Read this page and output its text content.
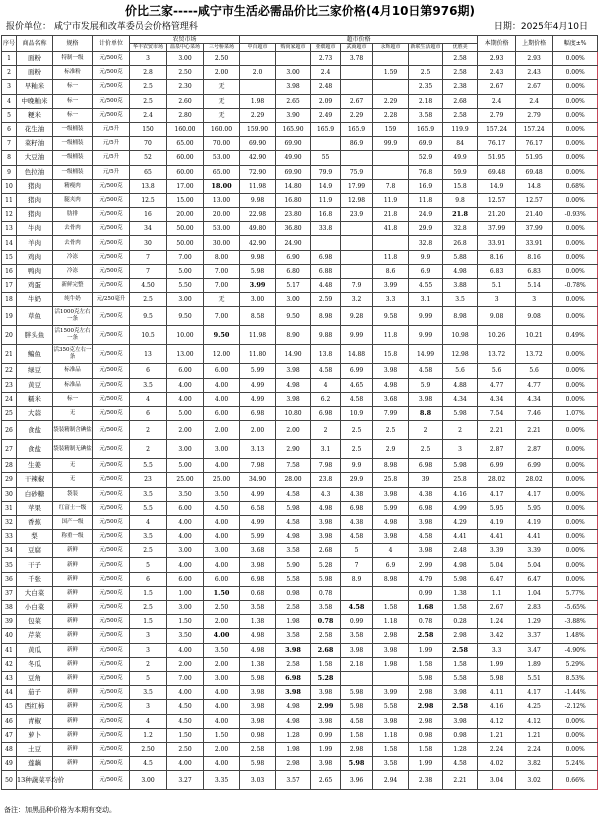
价比三家-----咸宁市生活必需品价比三家价格(4月10日第976期)
报价单位： 咸宁市发展和改革委员会价格管理科	日期：2025年4月10日
序号	商品名称	规格	计价单位	农贸市场			超市价格							本期价格	上期价格	幅度±%
				华丰农贸市场	温泉中心菜场	三号桥菜场	中百超市	购尚家超市	亚细超市	武商超市	永辉超市	新联生活超市	优胜美			
1	面粉	特制一级	元/500克	3	3.00	2.50			2.73	3.78			2.58	2.93	2.93	0.00%
2	面粉	标准粉	元/500克	2.8	2.50	2.00	2.0	3.00	2.4		1.59	2.5	2.58	2.43	2.43	0.00%
3	早籼米	标一	元/500克	2.5	2.30	无		3.98	2.48			2.35	2.38	2.67	2.67	0.00%
4	中晚籼米	标一	元/500克	2.5	2.60	无	1.98	2.65	2.09	2.67	2.29	2.18	2.68	2.4	2.4	0.00%
5	粳米	标一	元/500克	2.4	2.80	无	2.29	3.90	2.49	2.29	2.28	3.58	2.58	2.79	2.79	0.00%
6	花生油	一级桶装	元/5升	150	160.00	160.00	159.90	165.90	165.9	165.9	159	165.9	119.9	157.24	157.24	0.00%
7	菜籽油	一级桶装	元/5升	70	65.00	70.00	69.90	69.90		86.9	99.9	69.9	84	76.17	76.17	0.00%
8	大豆油	一级桶装	元/5升	52	60.00	53.00	42.90	49.90	55			52.9	49.9	51.95	51.95	0.00%
9	色拉油	一级桶装	元/5升	65	60.00	65.00	72.90	69.90	79.9	75.9		76.8	59.9	69.48	69.48	0.00%
10	猪肉	精瘦肉	元/500克	13.8	17.00	18.00	11.98	14.80	14.9	17.99	7.8	16.9	15.8	14.9	14.8	0.68%
11	猪肉	腿夹肉	元/500克	12.5	15.00	13.00	9.98	16.80	11.9	12.98	11.9	11.8	9.8	12.57	12.57	0.00%
12	猪肉	肋排	元/500克	16	20.00	20.00	22.98	23.80	16.8	23.9	21.8	24.9	21.8	21.20	21.40	-0.93%
13	牛肉	去骨肉	元/500克	34	50.00	53.00	49.80	36.80	33.8		41.8	29.9	32.8	37.99	37.99	0.00%
14	羊肉	去骨肉	元/500克	30	50.00	30.00	42.90	24.90				32.8	26.8	33.91	33.91	0.00%
15	鸡肉	冷冻	元/500克	7	7.00	8.00	9.98	6.90	6.98		11.8	9.9	5.88	8.16	8.16	0.00%
16	鸭肉	冷冻	元/500克	7	5.00	7.00	5.98	6.80	6.88		8.6	6.9	4.98	6.83	6.83	0.00%
17	鸡蛋	新鲜完整	元/500克	4.50	5.50	7.00	3.99	5.17	4.48	7.9	3.99	4.55	3.88	5.1	5.14	-0.78%
18	牛奶	纯牛奶	元/250毫升	2.5	3.00	无	3.00	3.00	2.59	3.2	3.3	3.1	3.5	3	3	0.00%
19	草鱼	活1000克左右一条	元/500克	9.5	9.50	7.00	8.58	9.50	8.98	9.28	9.58	9.99	8.98	9.08	9.08	0.00%
20	胖头鱼	活1500克左右一条	元/500克	10.5	10.00	9.50	11.98	8.90	9.88	9.99	11.8	9.99	10.98	10.26	10.21	0.49%
21	鳊鱼	活350克左右一条	元/500克	13	13.00	12.00	11.80	14.90	13.8	14.88	15.8	14.99	12.98	13.72	13.72	0.00%
22	绿豆	标准品	元/500克	6	6.00	6.00	5.99	3.98	4.58	6.99	3.98	4.58	5.6	5.6	5.6	0.00%
23	黄豆	标准品	元/500克	3.5	4.00	4.00	4.99	4.98	4	4.65	4.98	5.9	4.88	4.77	4.77	0.00%
24	糯米	标一	元/500克	4	4.00	4.00	4.99	3.98	6.2	4.58	3.68	3.98	4.34	4.34	4.34	0.00%
25	大蒜	无	元/500克	6	5.00	6.00	6.98	10.80	6.98	10.9	7.99	8.8	5.98	7.54	7.46	1.07%
26	食盐	袋装精制含碘盐	元/500克	2	2.00	2.00	2.00	2.00	2	2.5	2.5	2	2	2.21	2.21	0.00%
27	食盐	袋装精制无碘盐	元/500克	2	3.00	3.00	3.13	2.90	3.1	2.5	2.9	2.5	3	2.87	2.87	0.00%
28	生姜	无	元/500克	5.5	5.00	4.00	7.98	7.58	7.98	9.9	8.98	6.98	5.98	6.99	6.99	0.00%
29	干辣椒	无	元/500克	23	25.00	25.00	34.90	28.00	23.8	29.9	25.8	39	25.8	28.02	28.02	0.00%
30	白砂糖	袋装	元/500克	3.5	3.50	3.50	4.99	4.58	4.3	4.38	3.98	4.38	4.16	4.17	4.17	0.00%
31	苹果	红富士一级	元/500克	5.5	6.00	4.50	6.58	5.98	4.98	6.98	5.99	6.98	4.99	5.95	5.95	0.00%
32	香蕉	国产一级	元/500克	4	4.00	4.00	4.99	4.58	3.98	4.38	4.98	3.98	4.29	4.19	4.19	0.00%
33	梨	称重一级	元/500克	3.5	4.00	4.00	5.99	4.98	3.98	4.58	3.98	4.58	4.41	4.41	4.41	0.00%
34	豆腐	新鲜	元/500克	2.5	3.00	3.00	3.68	3.58	2.68	5	4	3.98	2.48	3.39	3.39	0.00%
35	干子	新鲜	元/500克	5	4.00	4.00	3.98	5.90	5.28	7	6.9	2.99	4.98	5.04	5.04	0.00%
36	千张	新鲜	元/500克	6	6.00	6.00	6.98	5.58	5.98	8.9	8.98	4.79	5.98	6.47	6.47	0.00%
37	大白菜	新鲜	元/500克	1.5	1.00	1.50	0.68	0.98	0.78			0.99	1.38	1.1	1.04	5.77%
38	小白菜	新鲜	元/500克	2.5	3.00	2.50	3.58	2.58	3.58	4.58	1.58	1.68	1.58	2.67	2.83	-5.65%
39	包菜	新鲜	元/500克	1.5	1.50	2.00	1.38	1.98	0.78	0.99	1.18	0.78	0.28	1.24	1.29	-3.88%
40	芹菜	新鲜	元/500克	3	3.50	4.00	4.98	3.58	2.58	3.58	2.98	2.58	2.98	3.42	3.37	1.48%
41	黄瓜	新鲜	元/500克	3	4.00	3.50	4.98	3.98	2.68	3.98	3.98	1.99	2.58	3.3	3.47	-4.90%
42	冬瓜	新鲜	元/500克	2	2.00	2.00	1.38	2.58	1.58	2.18	1.98	1.58	1.58	1.99	1.89	5.29%
43	豆角	新鲜	元/500克	5	7.00	3.00	5.98	6.98	5.28			5.98	5.58	5.98	5.51	8.53%
44	茄子	新鲜	元/500克	3.5	4.00	4.00	3.98	3.98	3.98	5.98	3.99	2.98	3.98	4.11	4.17	-1.44%
45	西红柿	新鲜	元/500克	3	4.50	4.00	3.98	4.98	2.99	5.98	5.58	2.98	2.58	4.16	4.25	-2.12%
46	青椒	新鲜	元/500克	4	4.50	4.00	3.98	4.98	3.98	4.58	3.98	2.98	3.98	4.12	4.12	0.00%
47	萝卜	新鲜	元/500克	1.2	1.50	1.50	0.98	1.28	0.99	1.58	1.18	0.98	0.98	1.21	1.21	0.00%
48	土豆	新鲜	元/500克	2.50	2.50	2.00	2.58	1.98	1.99	2.98	1.58	1.58	1.28	2.24	2.24	0.00%
49	莲藕	新鲜	元/500克	4.5	4.00	4.00	5.98	2.98	3.98	5.98	3.58	1.99	4.58	4.02	3.82	5.24%
50	13种蔬菜平均价		元/500克	3.00	3.27	3.35	3.03	3.57	2.65	3.96	2.94	2.38	2.21	3.04	3.02	0.66%
备注：加黑品种价格为本期有变动。
